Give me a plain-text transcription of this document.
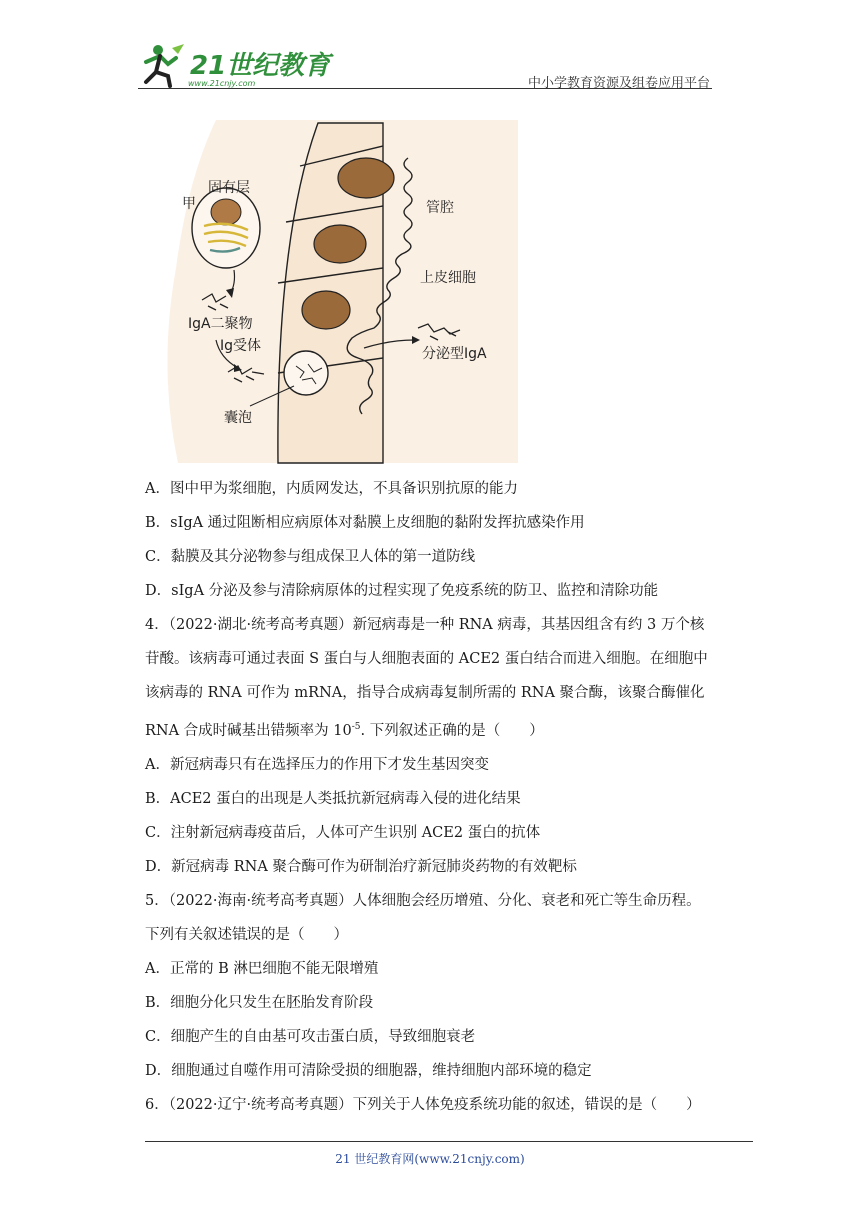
21世纪教育
www.21cnjy.com	中小学教育资源及组卷应用平台
固有层
甲	管腔
上皮细胞
IgA二聚物
Ig受体	分泌型IgA
囊泡
A．图中甲为浆细胞，内质网发达，不具备识别抗原的能力
B．sIgA 通过阻断相应病原体对黏膜上皮细胞的黏附发挥抗感染作用
C．黏膜及其分泌物参与组成保卫人体的第一道防线
D．sIgA 分泌及参与清除病原体的过程实现了免疫系统的防卫、监控和清除功能
4．（2022·湖北·统考高考真题）新冠病毒是一种 RNA 病毒，其基因组含有约 3 万个核
苷酸。该病毒可通过表面 S 蛋白与人细胞表面的 ACE2 蛋白结合而进入细胞。在细胞中
该病毒的 RNA 可作为 mRNA，指导合成病毒复制所需的 RNA 聚合酶，该聚合酶催化
RNA 合成时碱基出错频率为 $10^{-5}$. 下列叙述正确的是（　　）
A．新冠病毒只有在选择压力的作用下才发生基因突变
B．ACE2 蛋白的出现是人类抵抗新冠病毒入侵的进化结果
C．注射新冠病毒疫苗后，人体可产生识别 ACE2 蛋白的抗体
D．新冠病毒 RNA 聚合酶可作为研制治疗新冠肺炎药物的有效靶标
5．（2022·海南·统考高考真题）人体细胞会经历增殖、分化、衰老和死亡等生命历程。
下列有关叙述错误的是（　　）
A．正常的 B 淋巴细胞不能无限增殖
B．细胞分化只发生在胚胎发育阶段
C．细胞产生的自由基可攻击蛋白质，导致细胞衰老
D．细胞通过自噬作用可清除受损的细胞器，维持细胞内部环境的稳定
6．（2022·辽宁·统考高考真题）下列关于人体免疫系统功能的叙述，错误的是（　　）
21 世纪教育网(www.21cnjy.com)
